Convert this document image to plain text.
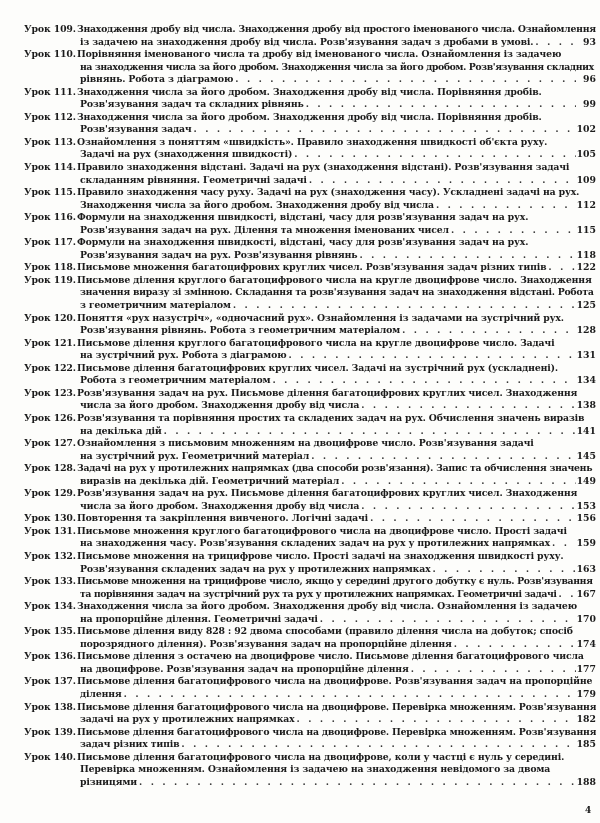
Урок 109. Знаходження дробу від числа. Знаходження дробу від простого іменованого числа. Ознайомлення
із задачею на знаходження дробу від числа. Розв'язування задач з дробами в умові. . . .	93
Урок 110. Порівняння іменованого числа та дробу від іменованого числа. Ознайомлення із задачею
на знаходження числа за його дробом. Знаходження числа за його дробом. Розв'язування складних
рівнянь. Робота з діаграмою . . .	96
Урок 111. Знаходження числа за його дробом. Знаходження дробу від числа. Порівняння дробів.
Розв'язування задач та складних рівнянь . . .	99
Урок 112. Знаходження числа за його дробом. Знаходження дробу від числа. Порівняння дробів.
Розв'язування задач . . .	102
Урок 113. Ознайомлення з поняттям «швидкість». Правило знаходження швидкості об'єкта руху.
Задачі на рух (знаходження швидкості) . . .	105
Урок 114. Правило знаходження відстані. Задачі на рух (знаходження відстані). Розв'язування задачі
складанням рівняння. Геометричні задачі . . .	109
Урок 115. Правило знаходження часу руху. Задачі на рух (знаходження часу). Ускладнені задачі на рух.
Знаходження числа за його дробом. Знаходження дробу від числа . . .	112
Урок 116. Формули на знаходження швидкості, відстані, часу для розв'язування задач на рух.
Розв'язування задач на рух. Ділення та множення іменованих чисел . . .	115
Урок 117. Формули на знаходження швидкості, відстані, часу для розв'язування задач на рух.
Розв'язування задач на рух. Розв'язування рівнянь . . .	118
Урок 118. Письмове множення багатоцифрових круглих чисел. Розв'язування задач різних типів . . .	122
Урок 119. Письмове ділення круглого багатоцифрового числа на кругле двоцифрове число. Знаходження
значення виразу зі змінною. Складання та розв'язування задач на знаходження відстані. Робота
з геометричним матеріалом . . .	125
Урок 120. Поняття «рух назустріч», «одночасний рух». Ознайомлення із задачами на зустрічний рух.
Розв'язування рівнянь. Робота з геометричним матеріалом . . .	128
Урок 121. Письмове ділення круглого багатоцифрового числа на кругле двоцифрове число. Задачі
на зустрічний рух. Робота з діаграмою . . .	131
Урок 122. Письмове ділення багатоцифрових круглих чисел. Задачі на зустрічний рух (ускладнені).
Робота з геометричним матеріалом . . .	134
Урок 123. Розв'язування задач на рух. Письмове ділення багатоцифрових круглих чисел. Знаходження
числа за його дробом. Знаходження дробу від числа . . .	138
Урок 126. Розв'язування та порівняння простих та складених задач на рух. Обчислення значень виразів
на декілька дій . . .	141
Урок 127. Ознайомлення з письмовим множенням на двоцифрове число. Розв'язування задачі
на зустрічний рух. Геометричний матеріал . . .	145
Урок 128. Задачі на рух у протилежних напрямках (два способи розв'язання). Запис та обчислення значень
виразів на декілька дій. Геометричний матеріал . . .	149
Урок 129. Розв'язування задач на рух. Письмове ділення багатоцифрових круглих чисел. Знаходження
числа за його дробом. Знаходження дробу від числа . . .	153
Урок 130. Повторення та закріплення вивченого. Логічні задачі . . .	156
Урок 131. Письмове множення круглого багатоцифрового числа на двоцифрове число. Прості задачі
на знаходження часу. Розв'язування складених задач на рух у протилежних напрямках . . .	159
Урок 132. Письмове множення на трицифрове число. Прості задачі на знаходження швидкості руху.
Розв'язування складених задач на рух у протилежних напрямках . . .	163
Урок 133. Письмове множення на трицифрове число, якщо у середині другого добутку є нуль. Розв'язування
та порівняння задач на зустрічний рух та рух у протилежних напрямках. Геометричні задачі . . . 167
Урок 134. Знаходження числа за його дробом. Знаходження дробу від числа. Ознайомлення із задачею
на пропорційне ділення. Геометричні задачі . . .	170
Урок 135. Письмове ділення виду 828 : 92 двома способами (правило ділення числа на добуток; спосіб
порозрядного ділення). Розв'язування задач на пропорційне ділення . . .	174
Урок 136. Письмове ділення з остачею на двоцифрове число. Письмове ділення багатоцифрового числа
на двоцифрове. Розв'язування задач на пропорційне ділення . . .	177
Урок 137. Письмове ділення багатоцифрового числа на двоцифрове. Розв'язування задач на пропорційне
ділення . . .	179
Урок 138. Письмове ділення багатоцифрового числа на двоцифрове. Перевірка множенням. Розв'язування
задачі на рух у протилежних напрямках . . .	182
Урок 139. Письмове ділення багатоцифрового числа на двоцифрове. Перевірка множенням. Розв'язування
задач різних типів . . .	185
Урок 140. Письмове ділення багатоцифрового числа на двоцифрове, коли у частці є нуль у середині.
Перевірка множенням. Ознайомлення із задачею на знаходження невідомого за двома
різницями . . .	188
4
